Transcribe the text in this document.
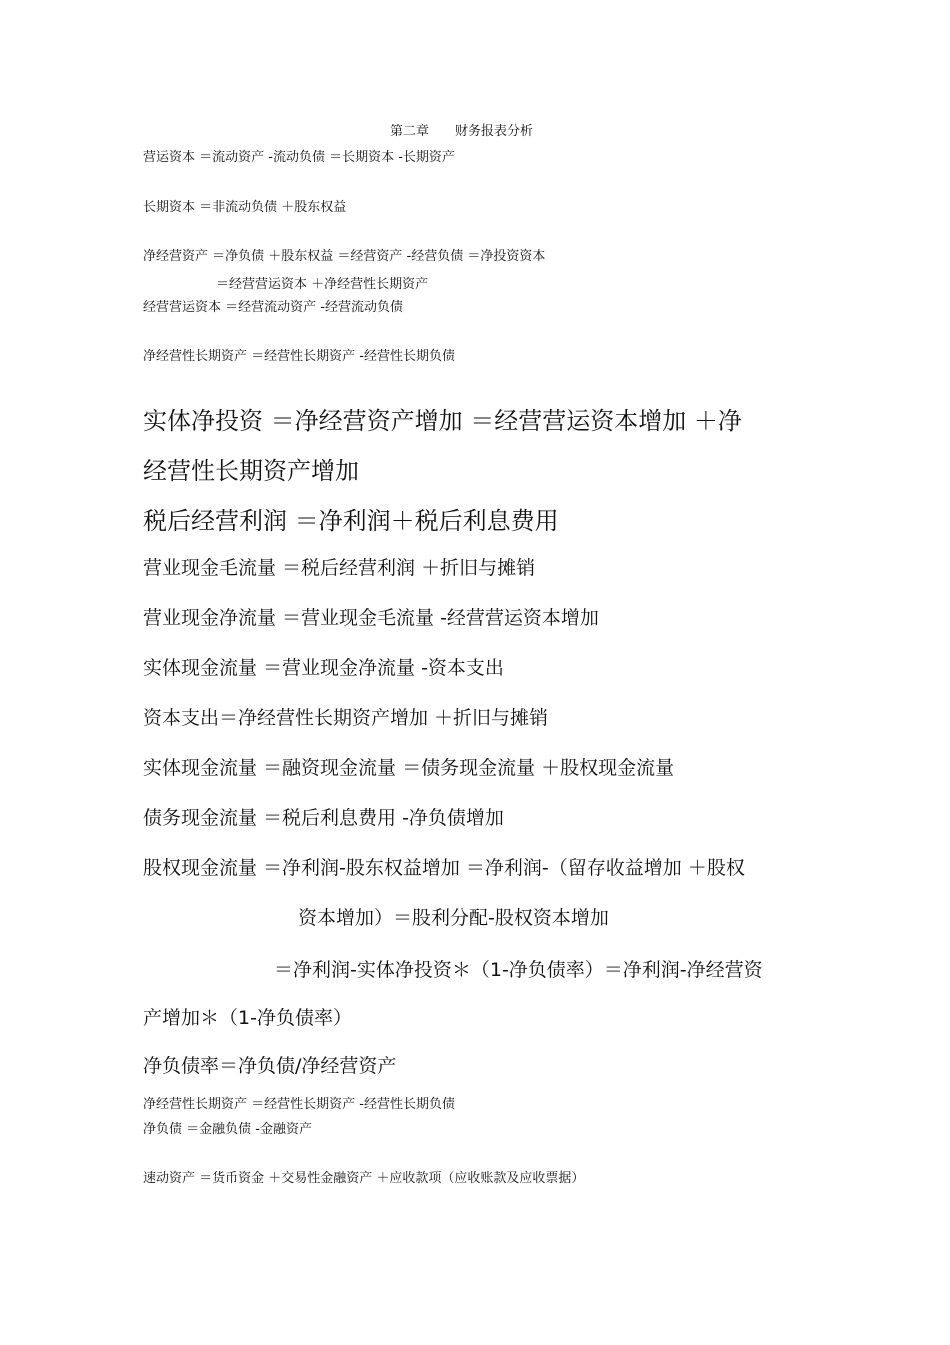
第二章　　财务报表分析

营运资本 ＝流动资产 -流动负债 ＝长期资本 -长期资产

长期资本 ＝非流动负债 ＋股东权益

净经营资产 ＝净负债 ＋股东权益 ＝经营资产 -经营负债 ＝净投资资本

＝经营营运资本 ＋净经营性长期资产

经营营运资本 ＝经营流动资产 -经营流动负债

净经营性长期资产 ＝经营性长期资产 -经营性长期负债

实体净投资 ＝净经营资产增加 ＝经营营运资本增加 ＋净

经营性长期资产增加

税后经营利润 ＝净利润＋税后利息费用

营业现金毛流量 ＝税后经营利润 ＋折旧与摊销

营业现金净流量 ＝营业现金毛流量 -经营营运资本增加

实体现金流量 ＝营业现金净流量 -资本支出

资本支出＝净经营性长期资产增加 ＋折旧与摊销

实体现金流量 ＝融资现金流量 ＝债务现金流量 ＋股权现金流量

债务现金流量 ＝税后利息费用 -净负债增加

股权现金流量 ＝净利润-股东权益增加 ＝净利润-（留存收益增加 ＋股权

资本增加）＝股利分配-股权资本增加

＝净利润-实体净投资＊（1-净负债率）＝净利润-净经营资

产增加＊（1-净负债率）

净负债率＝净负债/净经营资产

净经营性长期资产 ＝经营性长期资产 -经营性长期负债

净负债 ＝金融负债 -金融资产

速动资产 ＝货币资金 ＋交易性金融资产 ＋应收款项（应收账款及应收票据）
